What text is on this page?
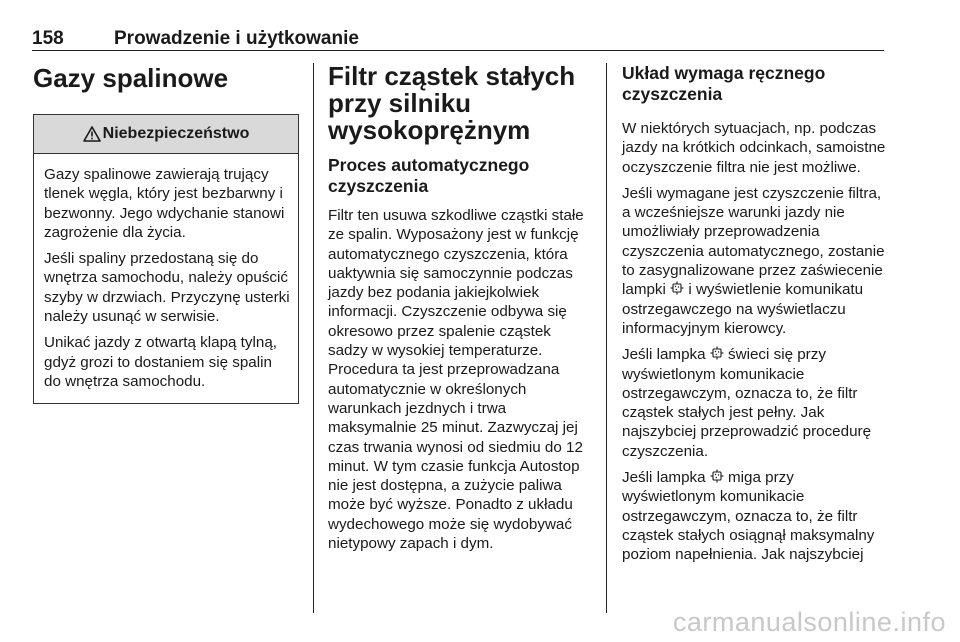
158	Prowadzenie i użytkowanie
Gazy spalinowe
Niebezpieczeństwo

Gazy spalinowe zawierają trujący tlenek węgla, który jest bezbarwny i bezwonny. Jego wdychanie stanowi zagrożenie dla życia.

Jeśli spaliny przedostaną się do wnętrza samochodu, należy opuścić szyby w drzwiach. Przyczynę usterki należy usunąć w serwisie.

Unikać jazdy z otwartą klapą tylną, gdyż grozi to dostaniem się spalin do wnętrza samochodu.

Filtr cząstek stałych przy silniku wysokoprężnym
Proces automatycznego czyszczenia

Filtr ten usuwa szkodliwe cząstki stałe ze spalin. Wyposażony jest w funkcję automatycznego czyszczenia, która uaktywnia się samoczynnie podczas jazdy bez podania jakiejkolwiek informacji. Czyszczenie odbywa się okresowo przez spalenie cząstek sadzy w wysokiej temperaturze. Procedura ta jest przeprowadzana automatycznie w określonych warunkach jezdnych i trwa maksymalnie 25 minut. Zazwyczaj jej czas trwania wynosi od siedmiu do 12 minut. W tym czasie funkcja Autostop nie jest dostępna, a zużycie paliwa może być wyższe. Ponadto z układu wydechowego może się wydobywać nietypowy zapach i dym.

Układ wymaga ręcznego czyszczenia

W niektórych sytuacjach, np. podczas jazdy na krótkich odcinkach, samoistne oczyszczenie filtra nie jest możliwe.

Jeśli wymagane jest czyszczenie filtra, a wcześniejsze warunki jazdy nie umożliwiały przeprowadzenia czyszczenia automatycznego, zostanie to zasygnalizowane przez zaświecenie lampki i wyświetlenie komunikatu ostrzegawczego na wyświetlaczu informacyjnym kierowcy.

Jeśli lampka świeci się przy wyświetlonym komunikacie ostrzegawczym, oznacza to, że filtr cząstek stałych jest pełny. Jak najszybciej przeprowadzić procedurę czyszczenia.

Jeśli lampka miga przy wyświetlonym komunikacie ostrzegawczym, oznacza to, że filtr cząstek stałych osiągnął maksymalny poziom napełnienia. Jak najszybciej

carmanualsonline.info
